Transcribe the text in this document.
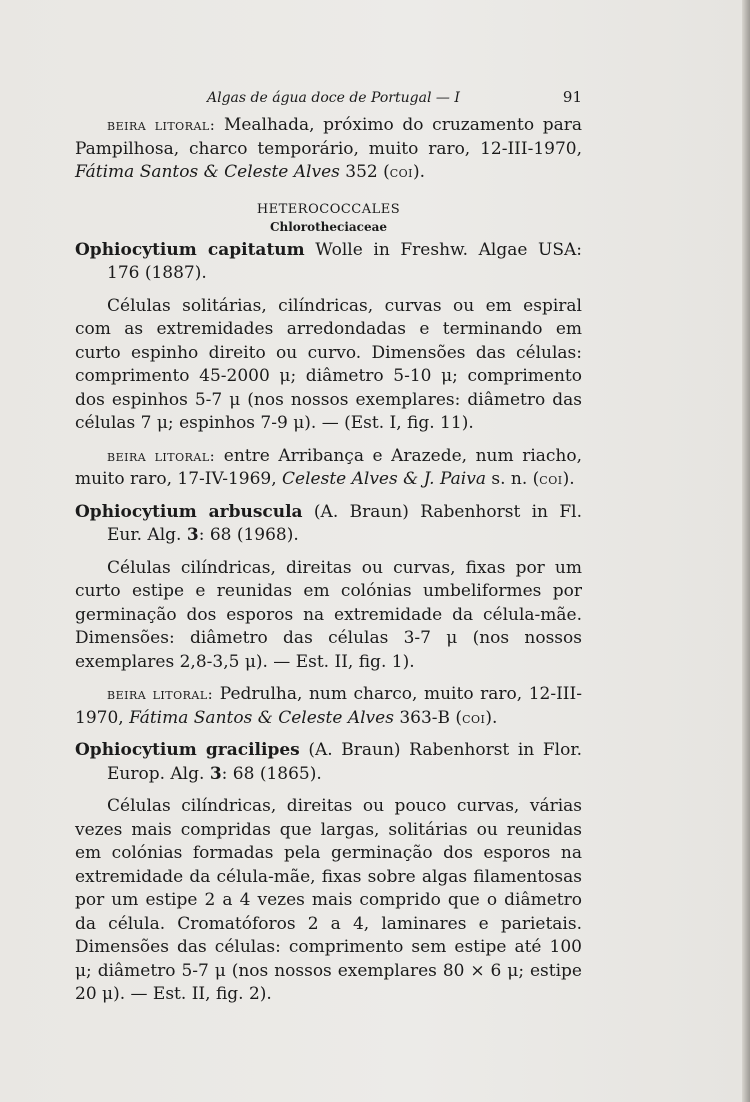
Algas de água doce de Portugal — I	91

beira litoral: Mealhada, próximo do cruzamento para Pampilhosa, charco temporário, muito raro, 12-III-1970, Fátima Santos & Celeste Alves 352 (coi).

HETEROCOCCALES
Chlorotheciaceae

Ophiocytium capitatum Wolle in Freshw. Algae USA: 176 (1887).

Células solitárias, cilíndricas, curvas ou em espiral com as extremidades arredondadas e terminando em curto espinho direito ou curvo. Dimensões das células: comprimento 45-2000 μ; diâmetro 5-10 μ; comprimento dos espinhos 5-7 μ (nos nossos exemplares: diâmetro das células 7 μ; espinhos 7-9 μ). — (Est. I, fig. 11).

beira litoral: entre Arribança e Arazede, num riacho, muito raro, 17-IV-1969, Celeste Alves & J. Paiva s. n. (coi).

Ophiocytium arbuscula (A. Braun) Rabenhorst in Fl. Eur. Alg. 3: 68 (1968).

Células cilíndricas, direitas ou curvas, fixas por um curto estipe e reunidas em colónias umbeliformes por germinação dos esporos na extremidade da célula-mãe. Dimensões: diâmetro das células 3-7 μ (nos nossos exemplares 2,8-3,5 μ). — Est. II, fig. 1).

beira litoral: Pedrulha, num charco, muito raro, 12-III-1970, Fátima Santos & Celeste Alves 363-B (coi).

Ophiocytium gracilipes (A. Braun) Rabenhorst in Flor. Europ. Alg. 3: 68 (1865).

Células cilíndricas, direitas ou pouco curvas, várias vezes mais compridas que largas, solitárias ou reunidas em colónias formadas pela germinação dos esporos na extremidade da célula-mãe, fixas sobre algas filamentosas por um estipe 2 a 4 vezes mais comprido que o diâmetro da célula. Cromatóforos 2 a 4, laminares e parietais. Dimensões das células: comprimento sem estipe até 100 μ; diâmetro 5-7 μ (nos nossos exemplares 80 × 6 μ; estipe 20 μ). — Est. II, fig. 2).
